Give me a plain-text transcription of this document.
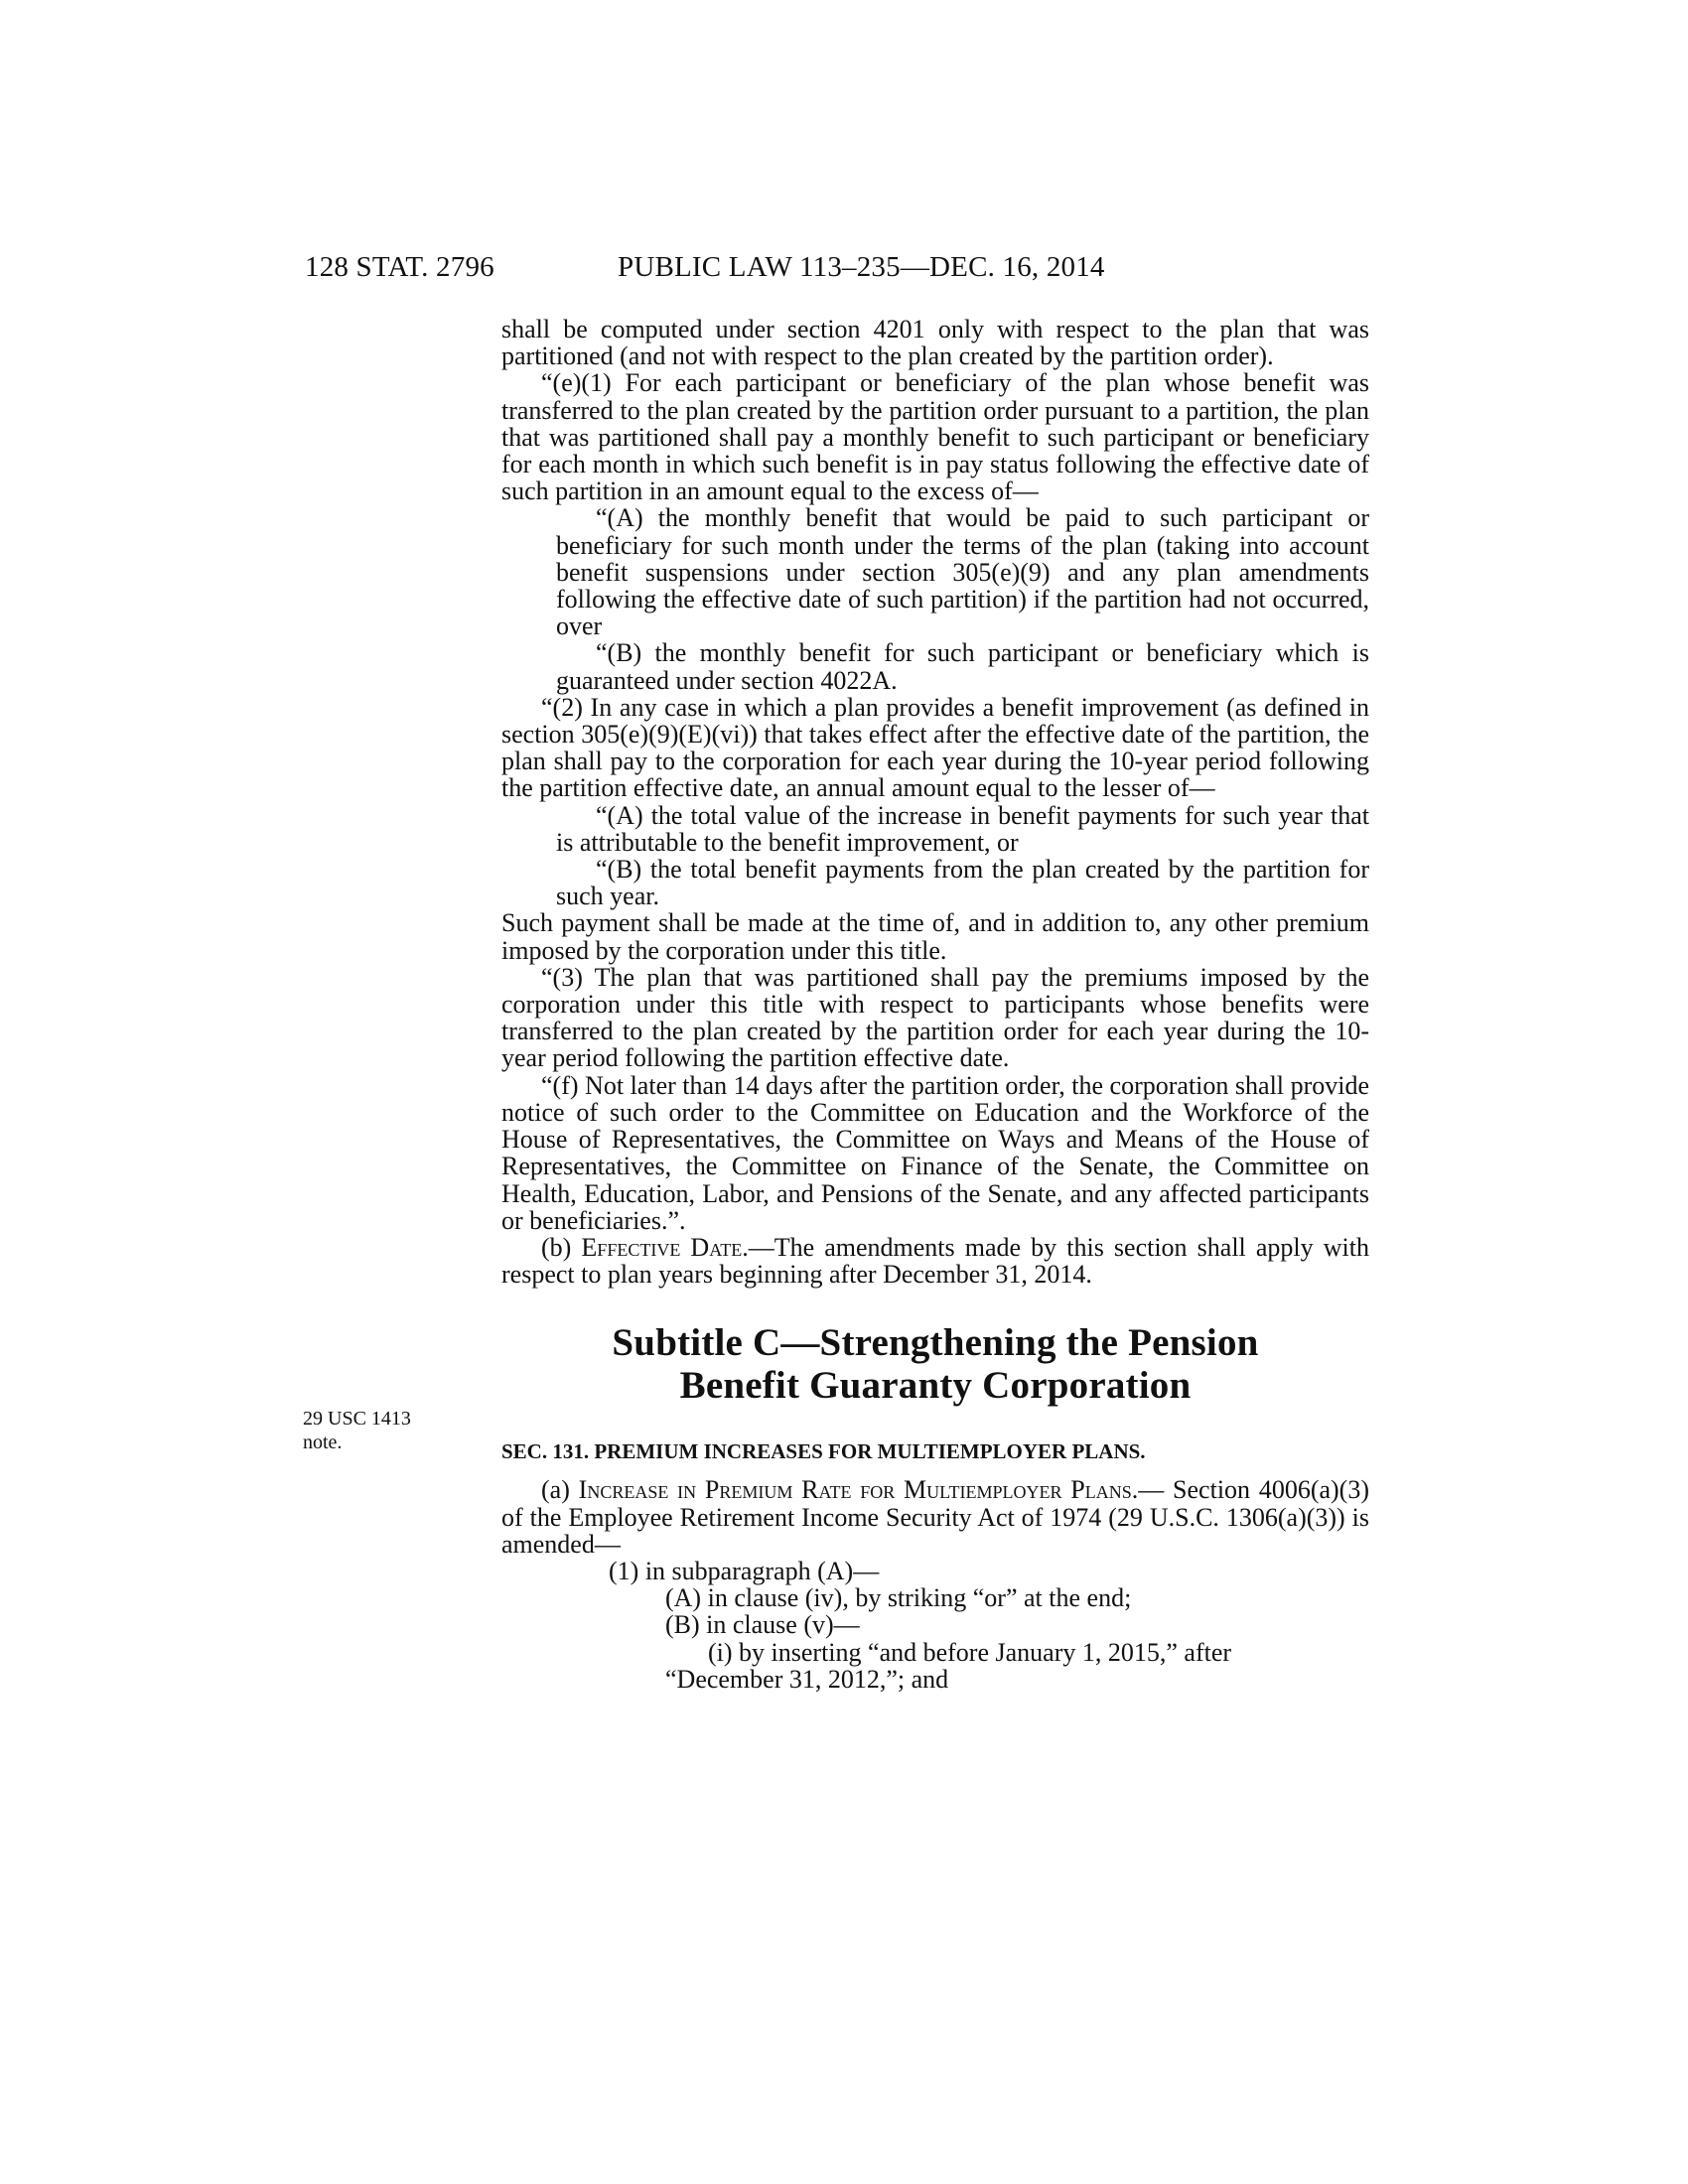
128 STAT. 2796	PUBLIC LAW 113–235—DEC. 16, 2014
29 USC 1413
note.

shall be computed under section 4201 only with respect to the plan that was partitioned (and not with respect to the plan created by the partition order).

“(e)(1) For each participant or beneficiary of the plan whose benefit was transferred to the plan created by the partition order pursuant to a partition, the plan that was partitioned shall pay a monthly benefit to such participant or beneficiary for each month in which such benefit is in pay status following the effective date of such partition in an amount equal to the excess of—

“(A) the monthly benefit that would be paid to such participant or beneficiary for such month under the terms of the plan (taking into account benefit suspensions under section 305(e)(9) and any plan amendments following the effective date of such partition) if the partition had not occurred, over

“(B) the monthly benefit for such participant or beneficiary which is guaranteed under section 4022A.

“(2) In any case in which a plan provides a benefit improvement (as defined in section 305(e)(9)(E)(vi)) that takes effect after the effective date of the partition, the plan shall pay to the corporation for each year during the 10-year period following the partition effective date, an annual amount equal to the lesser of—

“(A) the total value of the increase in benefit payments for such year that is attributable to the benefit improvement, or

“(B) the total benefit payments from the plan created by the partition for such year.

Such payment shall be made at the time of, and in addition to, any other premium imposed by the corporation under this title.

“(3) The plan that was partitioned shall pay the premiums imposed by the corporation under this title with respect to participants whose benefits were transferred to the plan created by the partition order for each year during the 10-year period following the partition effective date.

“(f) Not later than 14 days after the partition order, the corporation shall provide notice of such order to the Committee on Education and the Workforce of the House of Representatives, the Committee on Ways and Means of the House of Representatives, the Committee on Finance of the Senate, the Committee on Health, Education, Labor, and Pensions of the Senate, and any affected participants or beneficiaries.”.

(b) Effective Date.—The amendments made by this section shall apply with respect to plan years beginning after December 31, 2014.

Subtitle C—Strengthening the Pension
Benefit Guaranty Corporation
SEC. 131. PREMIUM INCREASES FOR MULTIEMPLOYER PLANS.

(a) Increase in Premium Rate for Multiemployer Plans.— Section 4006(a)(3) of the Employee Retirement Income Security Act of 1974 (29 U.S.C. 1306(a)(3)) is amended—

(1) in subparagraph (A)—

(A) in clause (iv), by striking “or” at the end;

(B) in clause (v)—

(i) by inserting “and before January 1, 2015,” after

“December 31, 2012,”; and
